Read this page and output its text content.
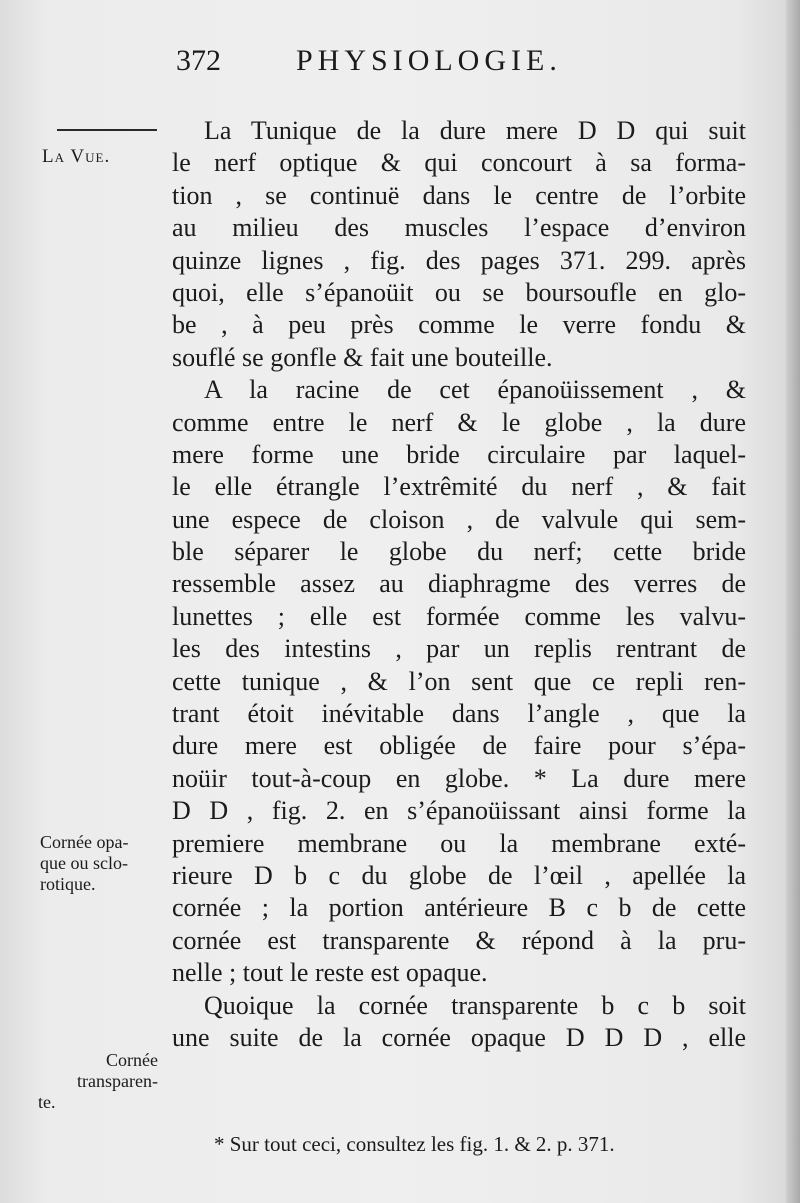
372	PHYSIOLOGIE.
La Vue.
Cornée opa-
que ou sclo-
rotique.
Cornée
transparen-
te.
La Tunique de la dure mere D D qui suit
le nerf optique & qui concourt à sa forma-
tion , se continuë dans le centre de l’orbite
au milieu des muscles l’espace d’environ
quinze lignes , fig. des pages 371. 299. après
quoi, elle s’épanoüit ou se boursoufle en glo-
be , à peu près comme le verre fondu &
souflé se gonfle & fait une bouteille.
A la racine de cet épanoüissement , &
comme entre le nerf & le globe , la dure
mere forme une bride circulaire par laquel-
le elle étrangle l’extrêmité du nerf , & fait
une espece de cloison , de valvule qui sem-
ble séparer le globe du nerf; cette bride
ressemble assez au diaphragme des verres de
lunettes ; elle est formée comme les valvu-
les des intestins , par un replis rentrant de
cette tunique , & l’on sent que ce repli ren-
trant étoit inévitable dans l’angle , que la
dure mere est obligée de faire pour s’épa-
noüir tout-à-coup en globe. * La dure mere
D D , fig. 2. en s’épanoüissant ainsi forme la
premiere membrane ou la membrane exté-
rieure D b c du globe de l’œil , apellée la
cornée ; la portion antérieure B c b de cette
cornée est transparente & répond à la pru-
nelle ; tout le reste est opaque.
Quoique la cornée transparente b c b soit
une suite de la cornée opaque D D D , elle
* Sur tout ceci, consultez les fig. 1. & 2. p. 371.
